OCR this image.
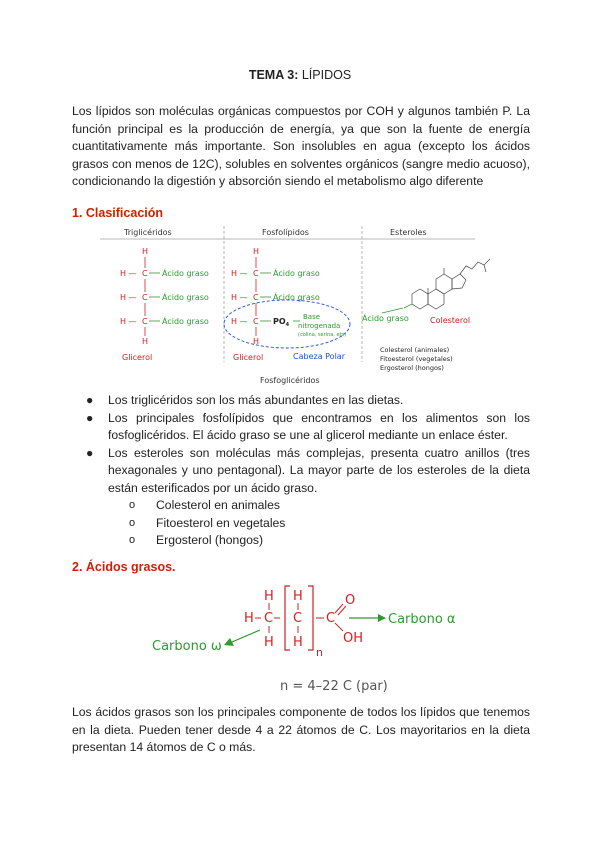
TEMA 3: LÍPIDOS
Los lípidos son moléculas orgánicas compuestos por COH y algunos también P. La función principal es la producción de energía, ya que son la fuente de energía cuantitativamente más importante. Son insolubles en agua (excepto los ácidos grasos con menos de 12C), solubles en solventes orgánicos (sangre medio acuoso), condicionando la digestión y absorción siendo el metabolismo algo diferente
1. Clasificación
Triglicéridos	Fosfolípidos	Esteroles
H
H — C Ácido graso
H — C Ácido graso
H — C Ácido graso
H
Glicerol
H
H — C Ácido graso
H — C Ácido graso
H — C $PO_4$
Base
nitrogenada
(colina, serina, etc)
H
Glicerol	Cabeza Polar
Fosfoglicéridos
Ácido graso	Colesterol
Colesterol (animales)
Fitoesterol (vegetales)
Ergosterol (hongos)
● Los triglicéridos son los más abundantes en las dietas.
● Los principales fosfolípidos que encontramos en los alimentos son los fosfoglicéridos. El ácido graso se une al glicerol mediante un enlace éster.
● Los esteroles son moléculas más complejas, presenta cuatro anillos (tres hexagonales y uno pentagonal). La mayor parte de los esteroles de la dieta están esterificados por un ácido graso.
o Colesterol en animales
o Fitoesterol en vegetales
o Ergosterol (hongos)
2. Ácidos grasos.
H
H C
H
H
C
H
n
C
O
OH
Carbono α
Carbono ω
n = 4–22 C (par)
Los ácidos grasos son los principales componente de todos los lípidos que tenemos en la dieta. Pueden tener desde 4 a 22 átomos de C. Los mayoritarios en la dieta presentan 14 átomos de C o más.
